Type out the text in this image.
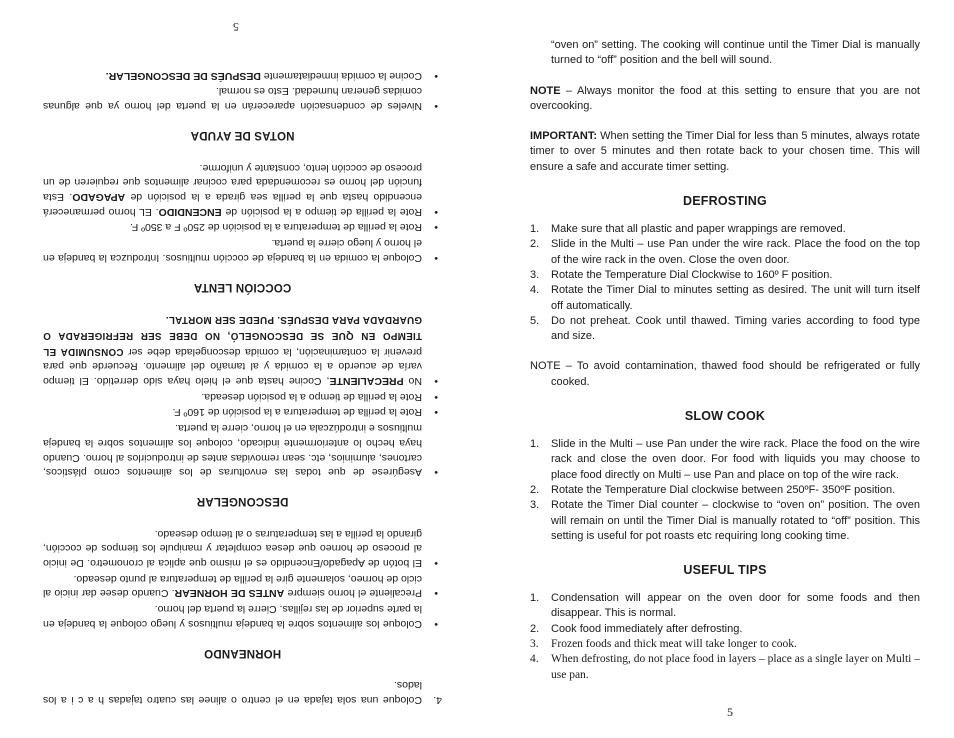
4.
Coloque una sola tajada en el centro o alinee las cuatro tajadas h a c i a los lados.
HORNEANDO
•
Coloque los alimentos sobre la bandeja multiusos y luego coloque la bandeja en la parte superior de las rejillas. Cierre la puerta del horno.
•
Precaliente el horno siempre ANTES DE HORNEAR. Cuando desee dar inicio al ciclo de horneo, solamente gire la perilla de temperatura al punto deseado.
•
El botón de Apagado/Encendido es el mismo que aplica al cronometro. De inicio al proceso de horneo que desea completar y manipule los tiempos de cocción, girando la perilla a las temperaturas o al tiempo deseado.
DESCONGELAR
•
Asegúrese de que todas las envolturas de los alimentos como plásticos, cartones, aluminios, etc. sean removidas antes de introducirlos al horno. Cuando haya hecho lo anteriormente indicado, coloque los alimentos sobre la bandeja multiusos e introdúzcala en el horno, cierre la puerta.
•
Rote la perilla de temperatura a la posición de 160º F.
•
Rote la perilla de tiempo a la posición deseada.
•
No PRECALIENTE, Cocine hasta que el hielo haya sido derretido. El tiempo varía de acuerdo a la comida y al tamaño del alimento. Recuerde que para prevenir la contaminación, la comida descongelada debe ser CONSUMIDA EL TIEMPO EN QUE SE DESCONGELÓ, NO DEBE SER REFRIGERADA O GUARDADA PARA DESPUÉS. PUEDE SER MORTAL.
COCCIÓN LENTA
•
Coloque la comida en la bandeja de cocción multiusos. Introduzca la bandeja en el horno y luego cierre la puerta.
•
Rote la perilla de temperatura a la posición de 250º F a 350º F.
•
Rote la perilla de tiempo a la posición de ENCENDIDO. EL horno permanecerá encendido hasta que la perilla sea girada a la posición de APAGADO. Esta función del horno es recomendada para cocinar alimentos que requieren de un proceso de cocción lento, constante y uniforme.
NOTAS DE AYUDA
•
Niveles de condensación aparecerán en la puerta del horno ya que algunas comidas generan humedad. Esto es normal.
•
Cocine la comida inmediatamente DESPUÉS DE DESCONGELAR.
5

“oven on” setting. The cooking will continue until the Timer Dial is manually turned to “off” position and the bell will sound.

NOTE – Always monitor the food at this setting to ensure that you are not overcooking.

IMPORTANT: When setting the Timer Dial for less than 5 minutes, always rotate timer to over 5 minutes and then rotate back to your chosen time. This will ensure a safe and accurate timer setting.

DEFROSTING
1. Make sure that all plastic and paper wrappings are removed.
2. Slide in the Multi – use Pan under the wire rack. Place the food on the top of the wire rack in the oven. Close the oven door.
3. Rotate the Temperature Dial Clockwise to 160º F position.
4. Rotate the Timer Dial to minutes setting as desired. The unit will turn itself off automatically.
5. Do not preheat. Cook until thawed. Timing varies according to food type and size.

NOTE – To avoid contamination, thawed food should be refrigerated or fully cooked.

SLOW COOK
1. Slide in the Multi – use Pan under the wire rack. Place the food on the wire rack and close the oven door. For food with liquids you may choose to place food directly on Multi – use Pan and place on top of the wire rack.
2. Rotate the Temperature Dial clockwise between 250ºF- 350ºF position.
3. Rotate the Timer Dial counter – clockwise to “oven on” position. The oven will remain on until the Timer Dial is manually rotated to “off” position. This setting is useful for pot roasts etc requiring long cooking time.
USEFUL TIPS
1. Condensation will appear on the oven door for some foods and then disappear. This is normal.
2. Cook food immediately after defrosting.
3. Frozen foods and thick meat will take longer to cook.
4. When defrosting, do not place food in layers – place as a single layer on Multi – use pan.
5
